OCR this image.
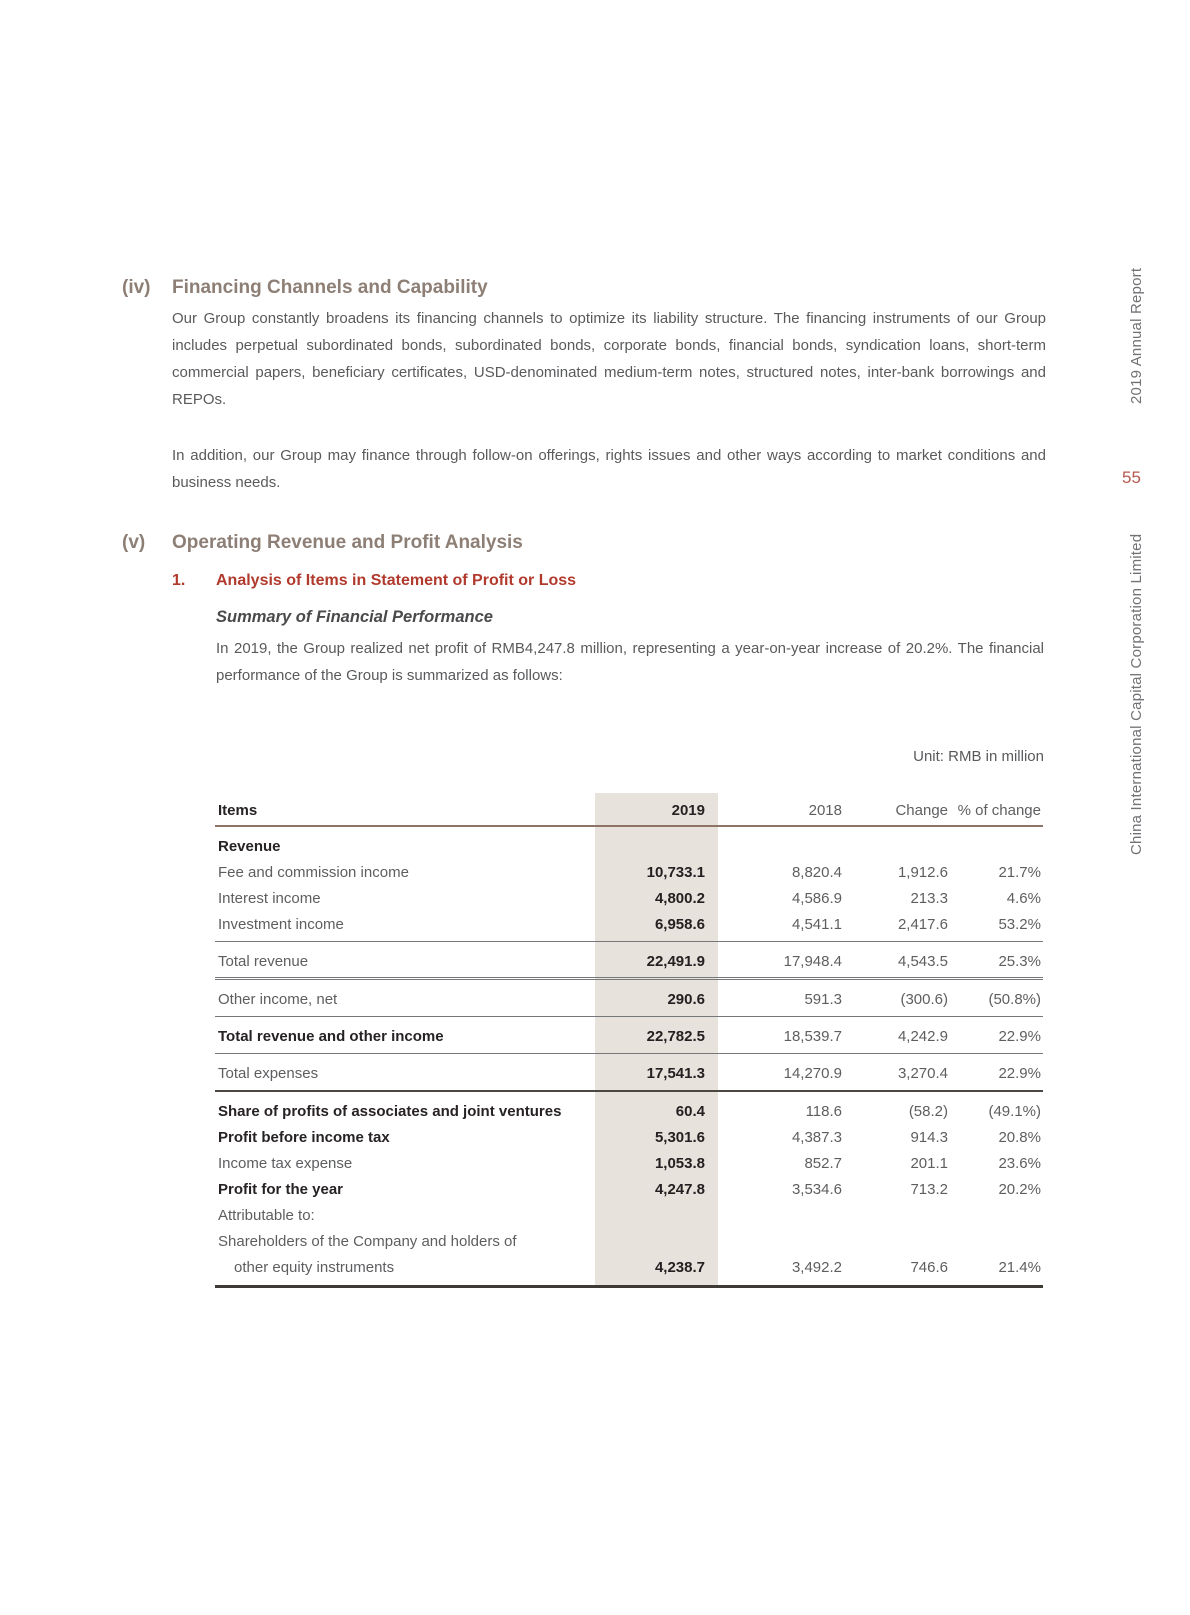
(iv) Financing Channels and Capability

Our Group constantly broadens its financing channels to optimize its liability structure. The financing instruments of our Group includes perpetual subordinated bonds, subordinated bonds, corporate bonds, financial bonds, syndication loans, short-term commercial papers, beneficiary certificates, USD-denominated medium-term notes, structured notes, inter-bank borrowings and REPOs.

In addition, our Group may finance through follow-on offerings, rights issues and other ways according to market conditions and business needs.

(v) Operating Revenue and Profit Analysis
1. Analysis of Items in Statement of Profit or Loss
Summary of Financial Performance

In 2019, the Group realized net profit of RMB4,247.8 million, representing a year-on-year increase of 20.2%. The financial performance of the Group is summarized as follows:

Unit: RMB in million
Items	2019	2018	Change % of change
Revenue
Fee and commission income	10,733.1	8,820.4	1,912.6	21.7%
Interest income	4,800.2	4,586.9	213.3	4.6%
Investment income	6,958.6	4,541.1	2,417.6	53.2%
Total revenue	22,491.9	17,948.4	4,543.5	25.3%
Other income, net	290.6	591.3	(300.6)	(50.8%)
Total revenue and other income	22,782.5	18,539.7	4,242.9	22.9%
Total expenses	17,541.3	14,270.9	3,270.4	22.9%
Share of profits of associates and joint ventures	60.4	118.6	(58.2)	(49.1%)
Profit before income tax	5,301.6	4,387.3	914.3	20.8%
Income tax expense	1,053.8	852.7	201.1	23.6%
Profit for the year	4,247.8	3,534.6	713.2	20.2%
Attributable to:
Shareholders of the Company and holders of
other equity instruments	4,238.7	3,492.2	746.6	21.4%
2019 Annual Report
55
China International Capital Corporation Limited
